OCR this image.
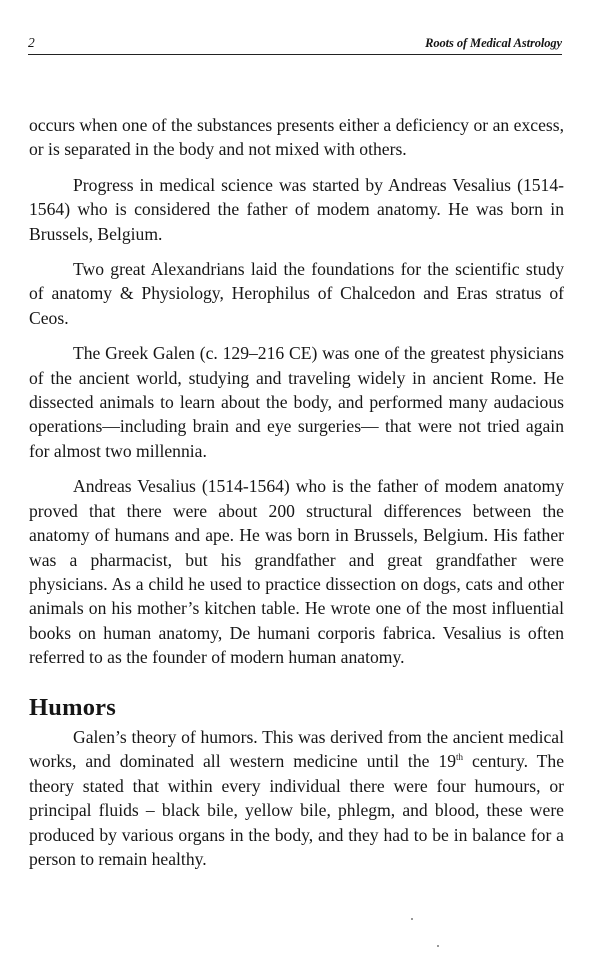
2	Roots of Medical Astrology

occurs when one of the substances presents either a deficiency or an excess, or is separated in the body and not mixed with others.

Progress in medical science was started by Andreas Vesalius (1514-1564) who is considered the father of modem anatomy. He was born in Brussels, Belgium.

Two great Alexandrians laid the foundations for the scientific study of anatomy & Physiology, Herophilus of Chalcedon and Eras stratus of Ceos.

The Greek Galen (c. 129–216 CE) was one of the greatest physicians of the ancient world, studying and traveling widely in ancient Rome. He dissected animals to learn about the body, and performed many audacious operations—including brain and eye surgeries— that were not tried again for almost two millennia.

Andreas Vesalius (1514-1564) who is the father of modem anatomy proved that there were about 200 structural differences between the anatomy of humans and ape. He was born in Brussels, Belgium. His father was a pharmacist, but his grandfather and great grandfather were physicians. As a child he used to practice dissection on dogs, cats and other animals on his mother’s kitchen table. He wrote one of the most influential books on human anatomy, De humani corporis fabrica. Vesalius is often referred to as the founder of modern human anatomy.

Humors

Galen’s theory of humors. This was derived from the ancient medical works, and dominated all western medicine until the 19th century. The theory stated that within every individual there were four humours, or principal fluids – black bile, yellow bile, phlegm, and blood, these were produced by various organs in the body, and they had to be in balance for a person to remain healthy.
